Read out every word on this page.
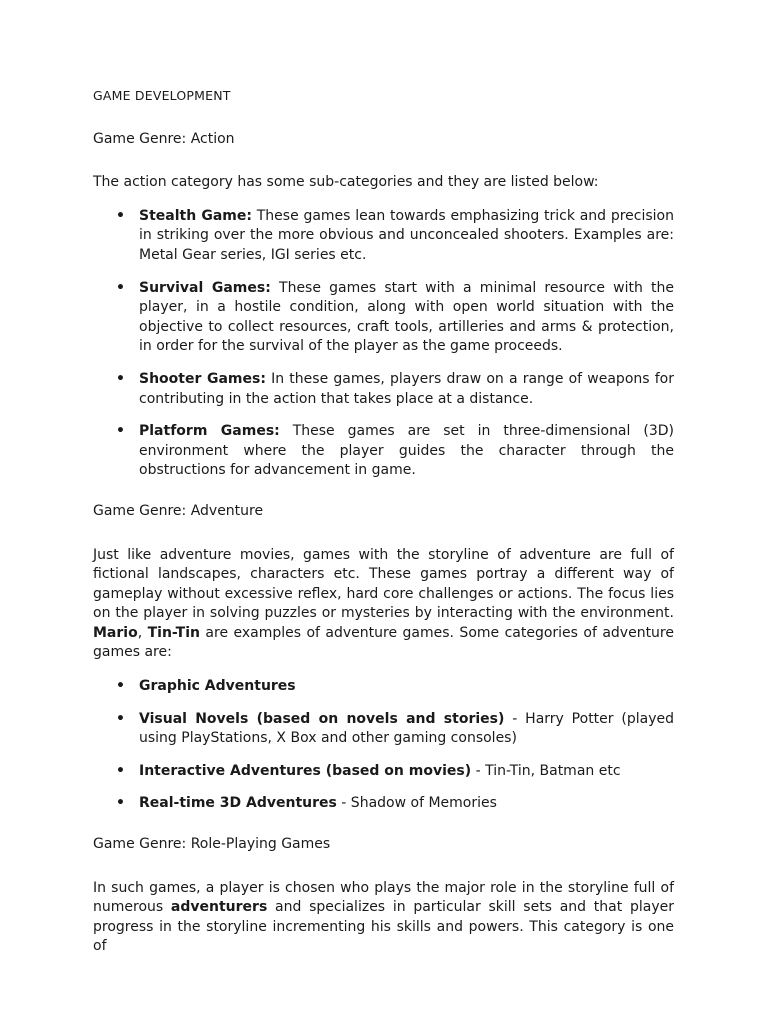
GAME DEVELOPMENT
Game Genre: Action
The action category has some sub-categories and they are listed below:
• Stealth Game: These games lean towards emphasizing trick and precision in striking over the more obvious and unconcealed shooters. Examples are: Metal Gear series, IGI series etc.
• Survival Games: These games start with a minimal resource with the player, in a hostile condition, along with open world situation with the objective to collect resources, craft tools, artilleries and arms & protection, in order for the survival of the player as the game proceeds.
• Shooter Games: In these games, players draw on a range of weapons for contributing in the action that takes place at a distance.
• Platform Games: These games are set in three-dimensional (3D) environment where the player guides the character through the obstructions for advancement in game.
Game Genre: Adventure
Just like adventure movies, games with the storyline of adventure are full of fictional landscapes, characters etc. These games portray a different way of gameplay without excessive reflex, hard core challenges or actions. The focus lies on the player in solving puzzles or mysteries by interacting with the environment. Mario, Tin-Tin are examples of adventure games. Some categories of adventure games are:
• Graphic Adventures
• Visual Novels (based on novels and stories) - Harry Potter (played using PlayStations, X Box and other gaming consoles)
• Interactive Adventures (based on movies) - Tin-Tin, Batman etc
• Real-time 3D Adventures - Shadow of Memories
Game Genre: Role-Playing Games
In such games, a player is chosen who plays the major role in the storyline full of numerous adventurers and specializes in particular skill sets and that player progress in the storyline incrementing his skills and powers. This category is one of
